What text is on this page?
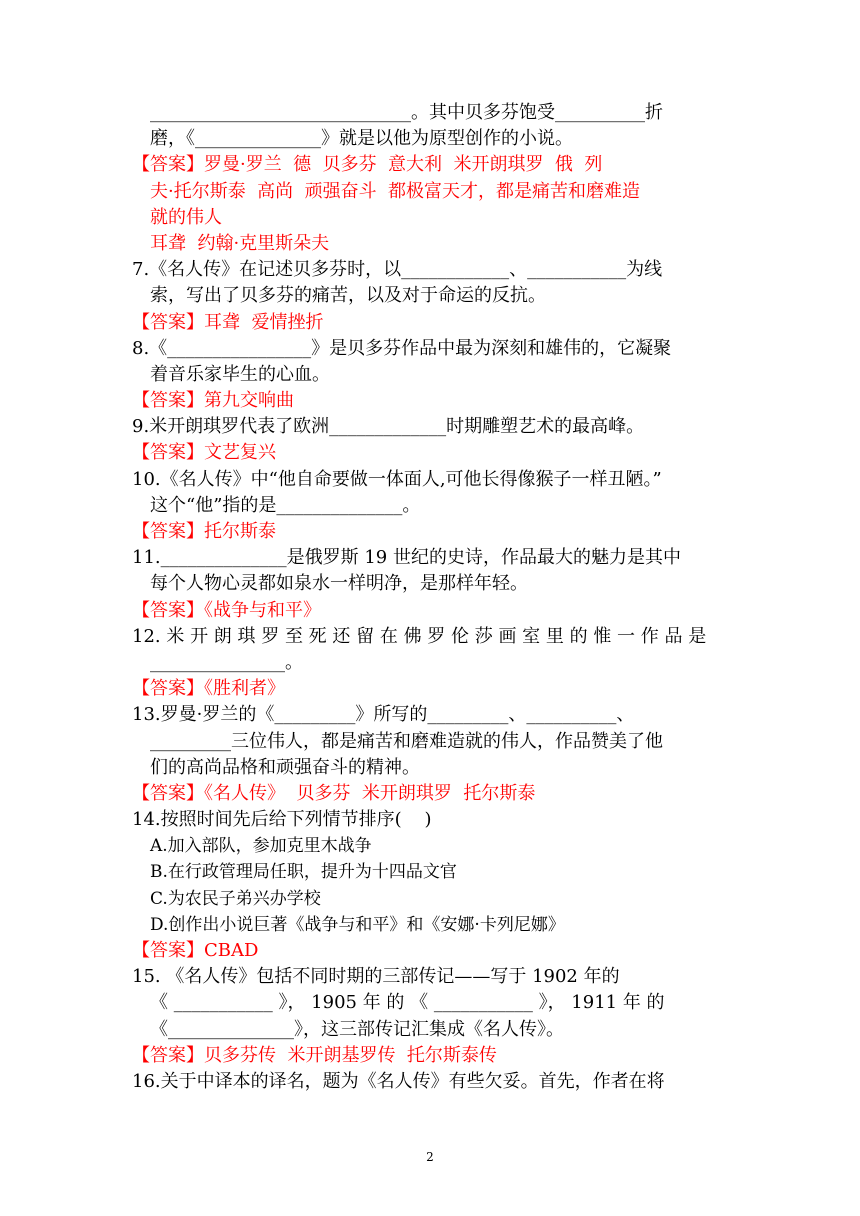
_____________________________。其中贝多芬饱受__________折
磨，《______________》就是以他为原型创作的小说。
【答案】罗曼·罗兰  德  贝多芬  意大利  米开朗琪罗  俄  列
夫·托尔斯泰  高尚  顽强奋斗  都极富天才，都是痛苦和磨难造
就的伟人
耳聋  约翰·克里斯朵夫
7.《名人传》在记述贝多芬时，以____________、___________为线
索，写出了贝多芬的痛苦，以及对于命运的反抗。
【答案】耳聋  爱情挫折
8.《________________》是贝多芬作品中最为深刻和雄伟的，它凝聚
着音乐家毕生的心血。
【答案】第九交响曲
9.米开朗琪罗代表了欧洲_____________时期雕塑艺术的最高峰。
【答案】文艺复兴
10.《名人传》中“他自命要做一体面人,可他长得像猴子一样丑陋。”
这个“他”指的是______________。
【答案】托尔斯泰
11.______________是俄罗斯 19 世纪的史诗，作品最大的魅力是其中
每个人物心灵都如泉水一样明净，是那样年轻。
【答案】《战争与和平》
12. 米 开 朗 琪 罗 至 死 还 留 在 佛 罗 伦 莎 画 室 里 的 惟 一 作 品 是
_______________。
【答案】《胜利者》
13.罗曼·罗兰的《_________》所写的_________、__________、
_________三位伟人，都是痛苦和磨难造就的伟人，作品赞美了他
们的高尚品格和顽强奋斗的精神。
【答案】《名人传》  贝多芬  米开朗琪罗  托尔斯泰
14.按照时间先后给下列情节排序(    )
A.加入部队，参加克里木战争
B.在行政管理局任职，提升为十四品文官
C.为农民子弟兴办学校
D.创作出小说巨著《战争与和平》和《安娜·卡列尼娜》
【答案】CBAD
15. 《名人传》包括不同时期的三部传记——写于 1902 年的
《 ___________ 》， 1905 年 的 《 ___________ 》， 1911 年 的
《______________》，这三部传记汇集成《名人传》。
【答案】贝多芬传  米开朗基罗传  托尔斯泰传
16.关于中译本的译名，题为《名人传》有些欠妥。首先，作者在将
2
